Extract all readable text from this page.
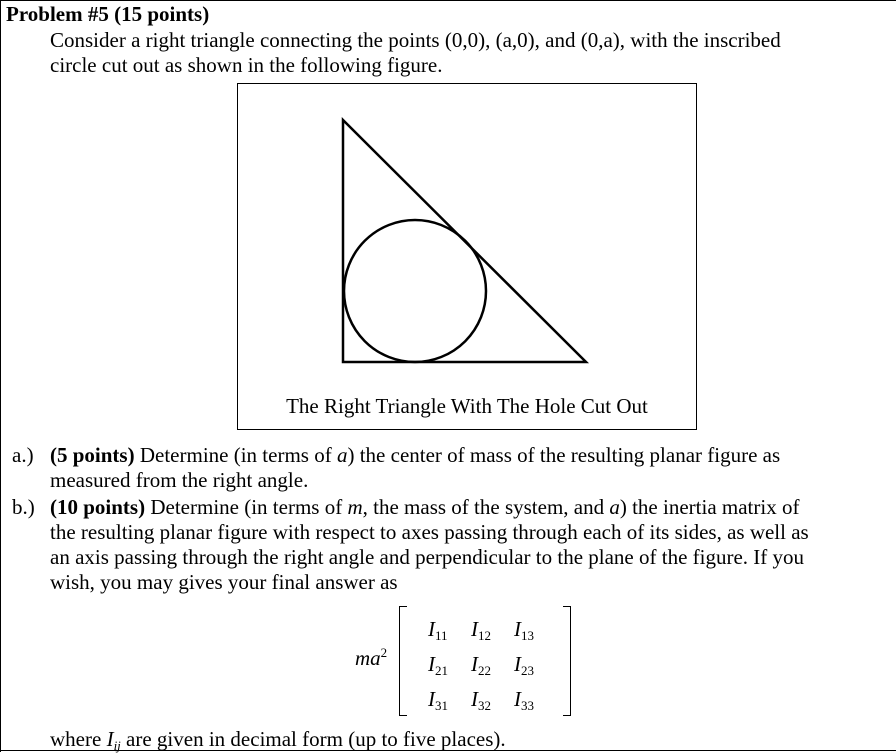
Problem #5 (15 points)
Consider a right triangle connecting the points (0,0), (a,0), and (0,a), with the inscribed
circle cut out as shown in the following figure.
The Right Triangle With The Hole Cut Out
a.) (5 points) Determine (in terms of a) the center of mass of the resulting planar figure as
measured from the right angle.
b.) (10 points) Determine (in terms of m, the mass of the system, and a) the inertia matrix of
the resulting planar figure with respect to axes passing through each of its sides, as well as
an axis passing through the right angle and perpendicular to the plane of the figure. If you
wish, you may gives your final answer as
$ma^2$
$I_{11}$ $I_{12}$ $I_{13}$
$I_{21}$ $I_{22}$ $I_{23}$
$I_{31}$ $I_{32}$ $I_{33}$
where $I_{ij}$ are given in decimal form (up to five places).
